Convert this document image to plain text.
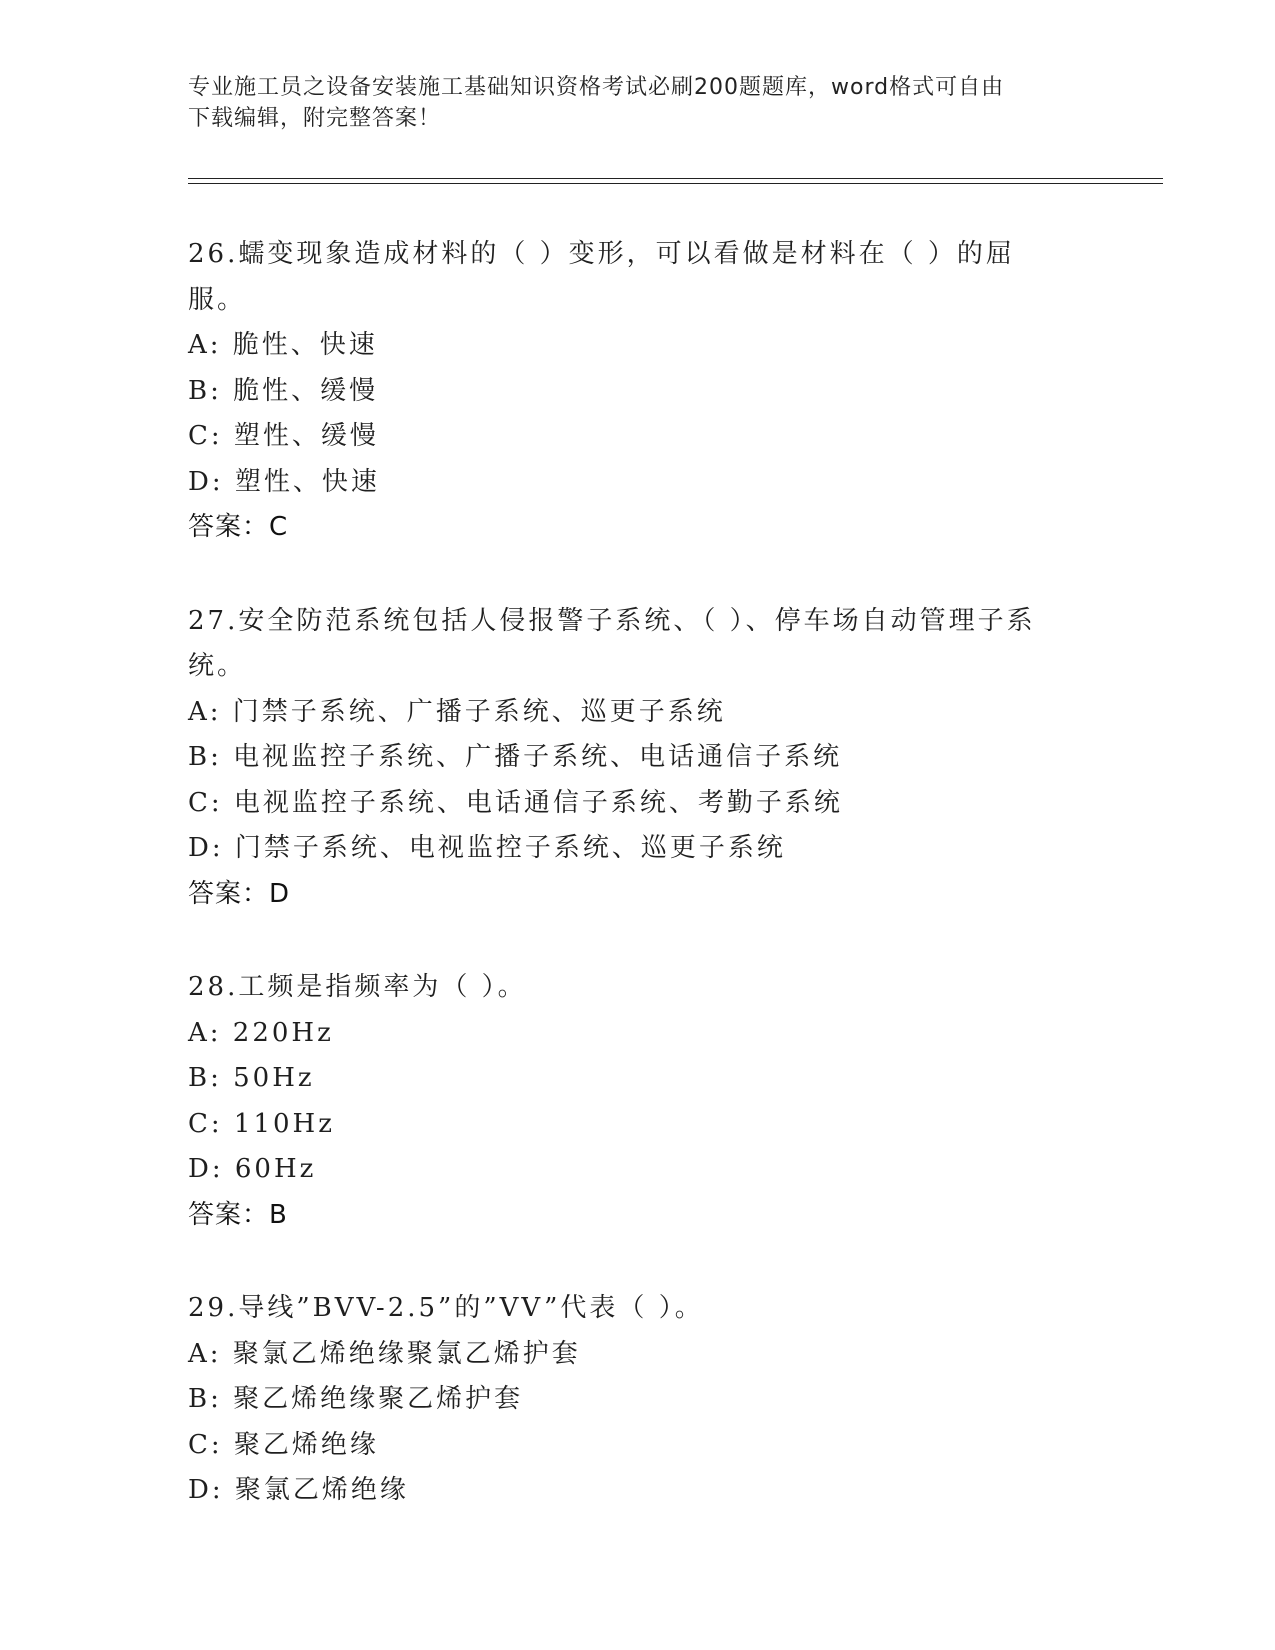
专业施工员之设备安装施工基础知识资格考试必刷200题题库，word格式可自由
下载编辑，附完整答案！
26.蠕变现象造成材料的（ ）变形，可以看做是材料在（ ）的屈服。
A: 脆性、快速
B: 脆性、缓慢
C: 塑性、缓慢
D: 塑性、快速
答案：C
27.安全防范系统包括人侵报警子系统、（ ）、停车场自动管理子系统。
A: 门禁子系统、广播子系统、巡更子系统
B: 电视监控子系统、广播子系统、电话通信子系统
C: 电视监控子系统、电话通信子系统、考勤子系统
D: 门禁子系统、电视监控子系统、巡更子系统
答案：D
28.工频是指频率为（ ）。
A: 220Hz
B: 50Hz
C: 110Hz
D: 60Hz
答案：B
29.导线”BVV-2.5”的”VV”代表（ ）。
A: 聚氯乙烯绝缘聚氯乙烯护套
B: 聚乙烯绝缘聚乙烯护套
C: 聚乙烯绝缘
D: 聚氯乙烯绝缘
